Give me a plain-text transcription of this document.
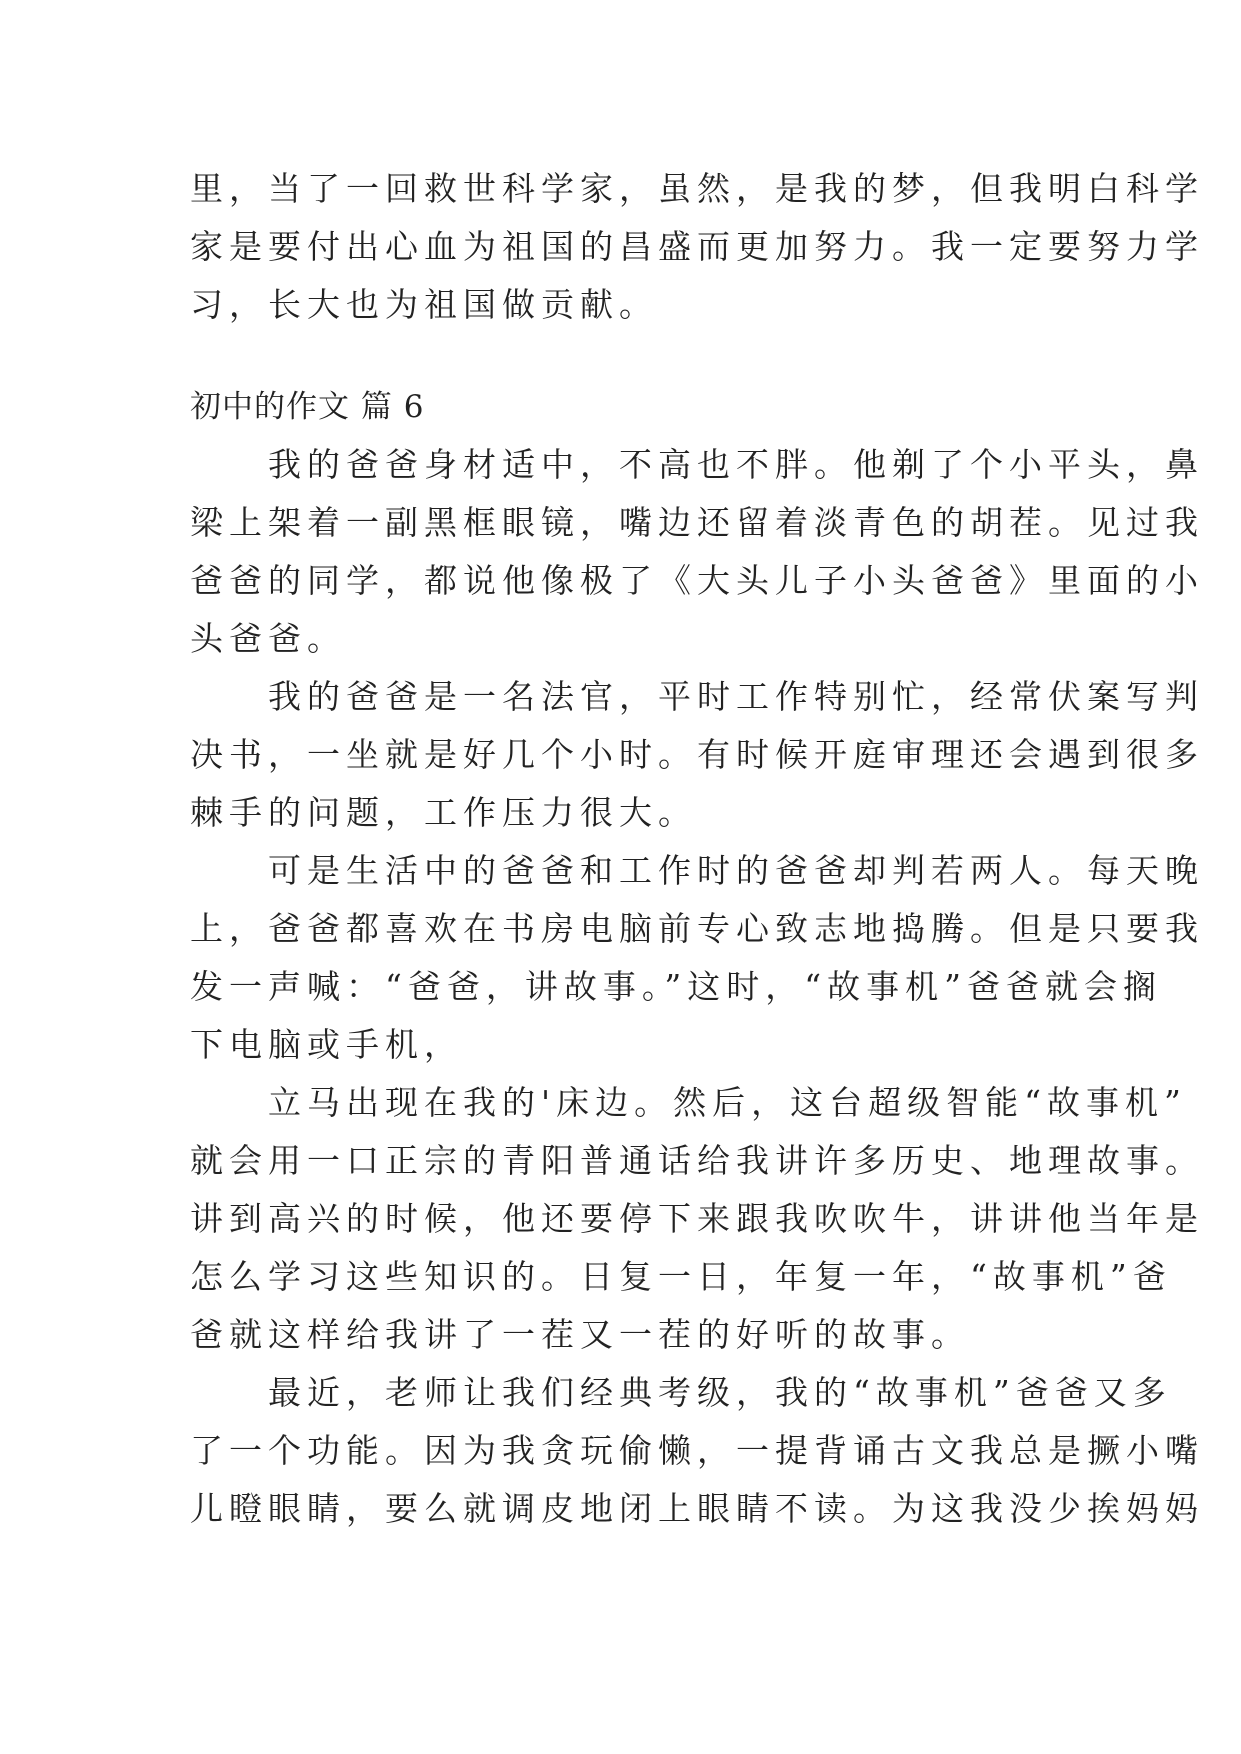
里，当了一回救世科学家，虽然，是我的梦，但我明白科学
家是要付出心血为祖国的昌盛而更加努力。我一定要努力学
习，长大也为祖国做贡献。
初中的作文 篇 6
　　我的爸爸身材适中，不高也不胖。他剃了个小平头，鼻
梁上架着一副黑框眼镜，嘴边还留着淡青色的胡茬。见过我
爸爸的同学，都说他像极了《大头儿子小头爸爸》里面的小
头爸爸。
　　我的爸爸是一名法官，平时工作特别忙，经常伏案写判
决书，一坐就是好几个小时。有时候开庭审理还会遇到很多
棘手的问题，工作压力很大。
　　可是生活中的爸爸和工作时的爸爸却判若两人。每天晚
上，爸爸都喜欢在书房电脑前专心致志地捣腾。但是只要我
发一声喊：“爸爸，讲故事。”这时，“故事机”爸爸就会搁
下电脑或手机，
　　立马出现在我的'床边。然后，这台超级智能“故事机”
就会用一口正宗的青阳普通话给我讲许多历史、地理故事。
讲到高兴的时候，他还要停下来跟我吹吹牛，讲讲他当年是
怎么学习这些知识的。日复一日，年复一年，“故事机”爸
爸就这样给我讲了一茬又一茬的好听的故事。
　　最近，老师让我们经典考级，我的“故事机”爸爸又多
了一个功能。因为我贪玩偷懒，一提背诵古文我总是撅小嘴
儿瞪眼睛，要么就调皮地闭上眼睛不读。为这我没少挨妈妈
